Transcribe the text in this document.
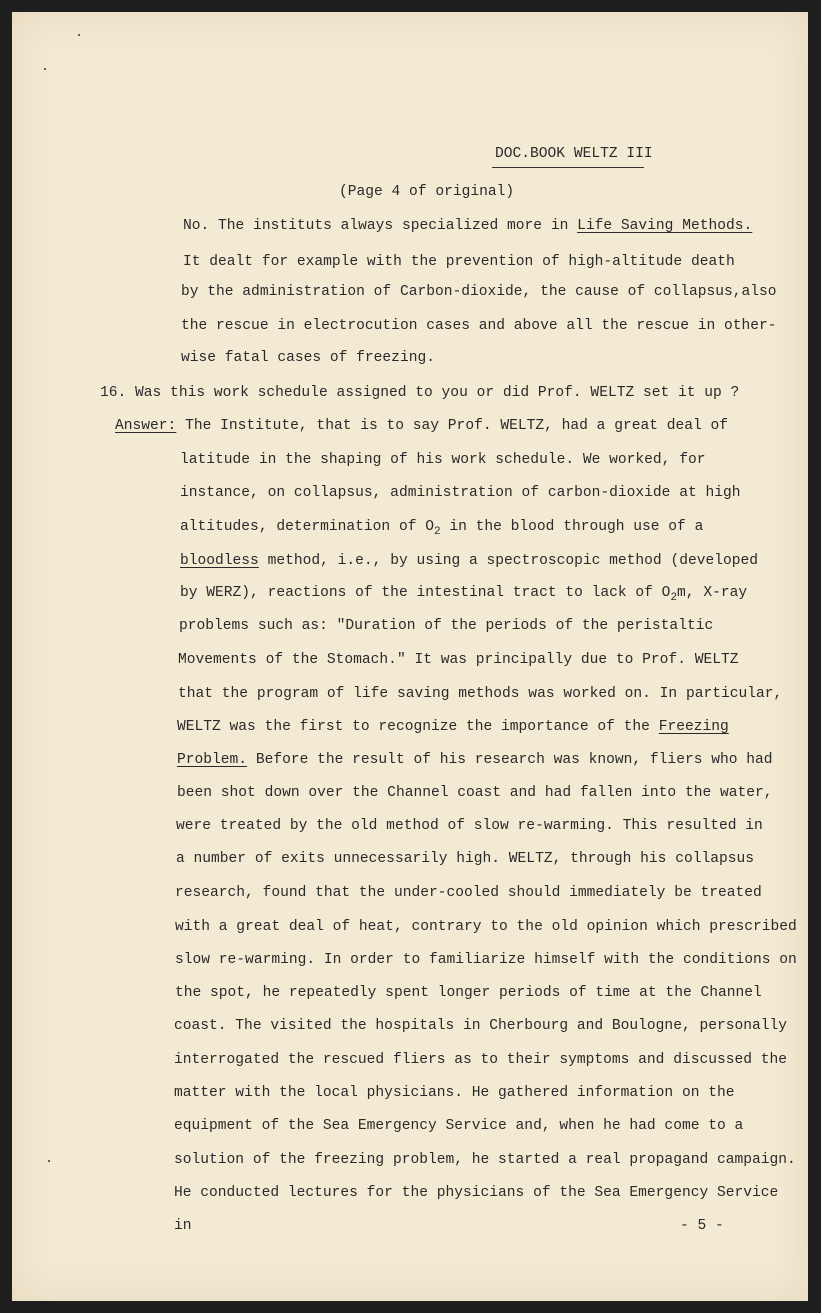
DOC.BOOK WELTZ III
(Page 4 of original)
No. The instituts always specialized more in Life Saving Methods.
It dealt for example with the prevention of high-altitude death
by the administration of Carbon-dioxide, the cause of collapsus,also
the rescue in electrocution cases and above all the rescue in other-
wise fatal cases of freezing.
16. Was this work schedule assigned to you or did Prof. WELTZ set it up ?
Answer: The Institute, that is to say Prof. WELTZ, had a great deal of
latitude in the shaping of his work schedule. We worked, for
instance, on collapsus, administration of carbon-dioxide at high
altitudes, determination of $O_2$ in the blood through use of a
bloodless method, i.e., by using a spectroscopic method (developed
by WERZ), reactions of the intestinal tract to lack of $O_2m$, X-ray
problems such as: "Duration of the periods of the peristaltic
Movements of the Stomach." It was principally due to Prof. WELTZ
that the program of life saving methods was worked on. In particular,
WELTZ was the first to recognize the importance of the Freezing
Problem. Before the result of his research was known, fliers who had
been shot down over the Channel coast and had fallen into the water,
were treated by the old method of slow re-warming. This resulted in
a number of exits unnecessarily high. WELTZ, through his collapsus
research, found that the under-cooled should immediately be treated
with a great deal of heat, contrary to the old opinion which prescribed
slow re-warming. In order to familiarize himself with the conditions on
the spot, he repeatedly spent longer periods of time at the Channel
coast. The visited the hospitals in Cherbourg and Boulogne, personally
interrogated the rescued fliers as to their symptoms and discussed the
matter with the local physicians. He gathered information on the
equipment of the Sea Emergency Service and, when he had come to a
solution of the freezing problem, he started a real propagand campaign.
He conducted lectures for the physicians of the Sea Emergency Service
in	- 5 -
